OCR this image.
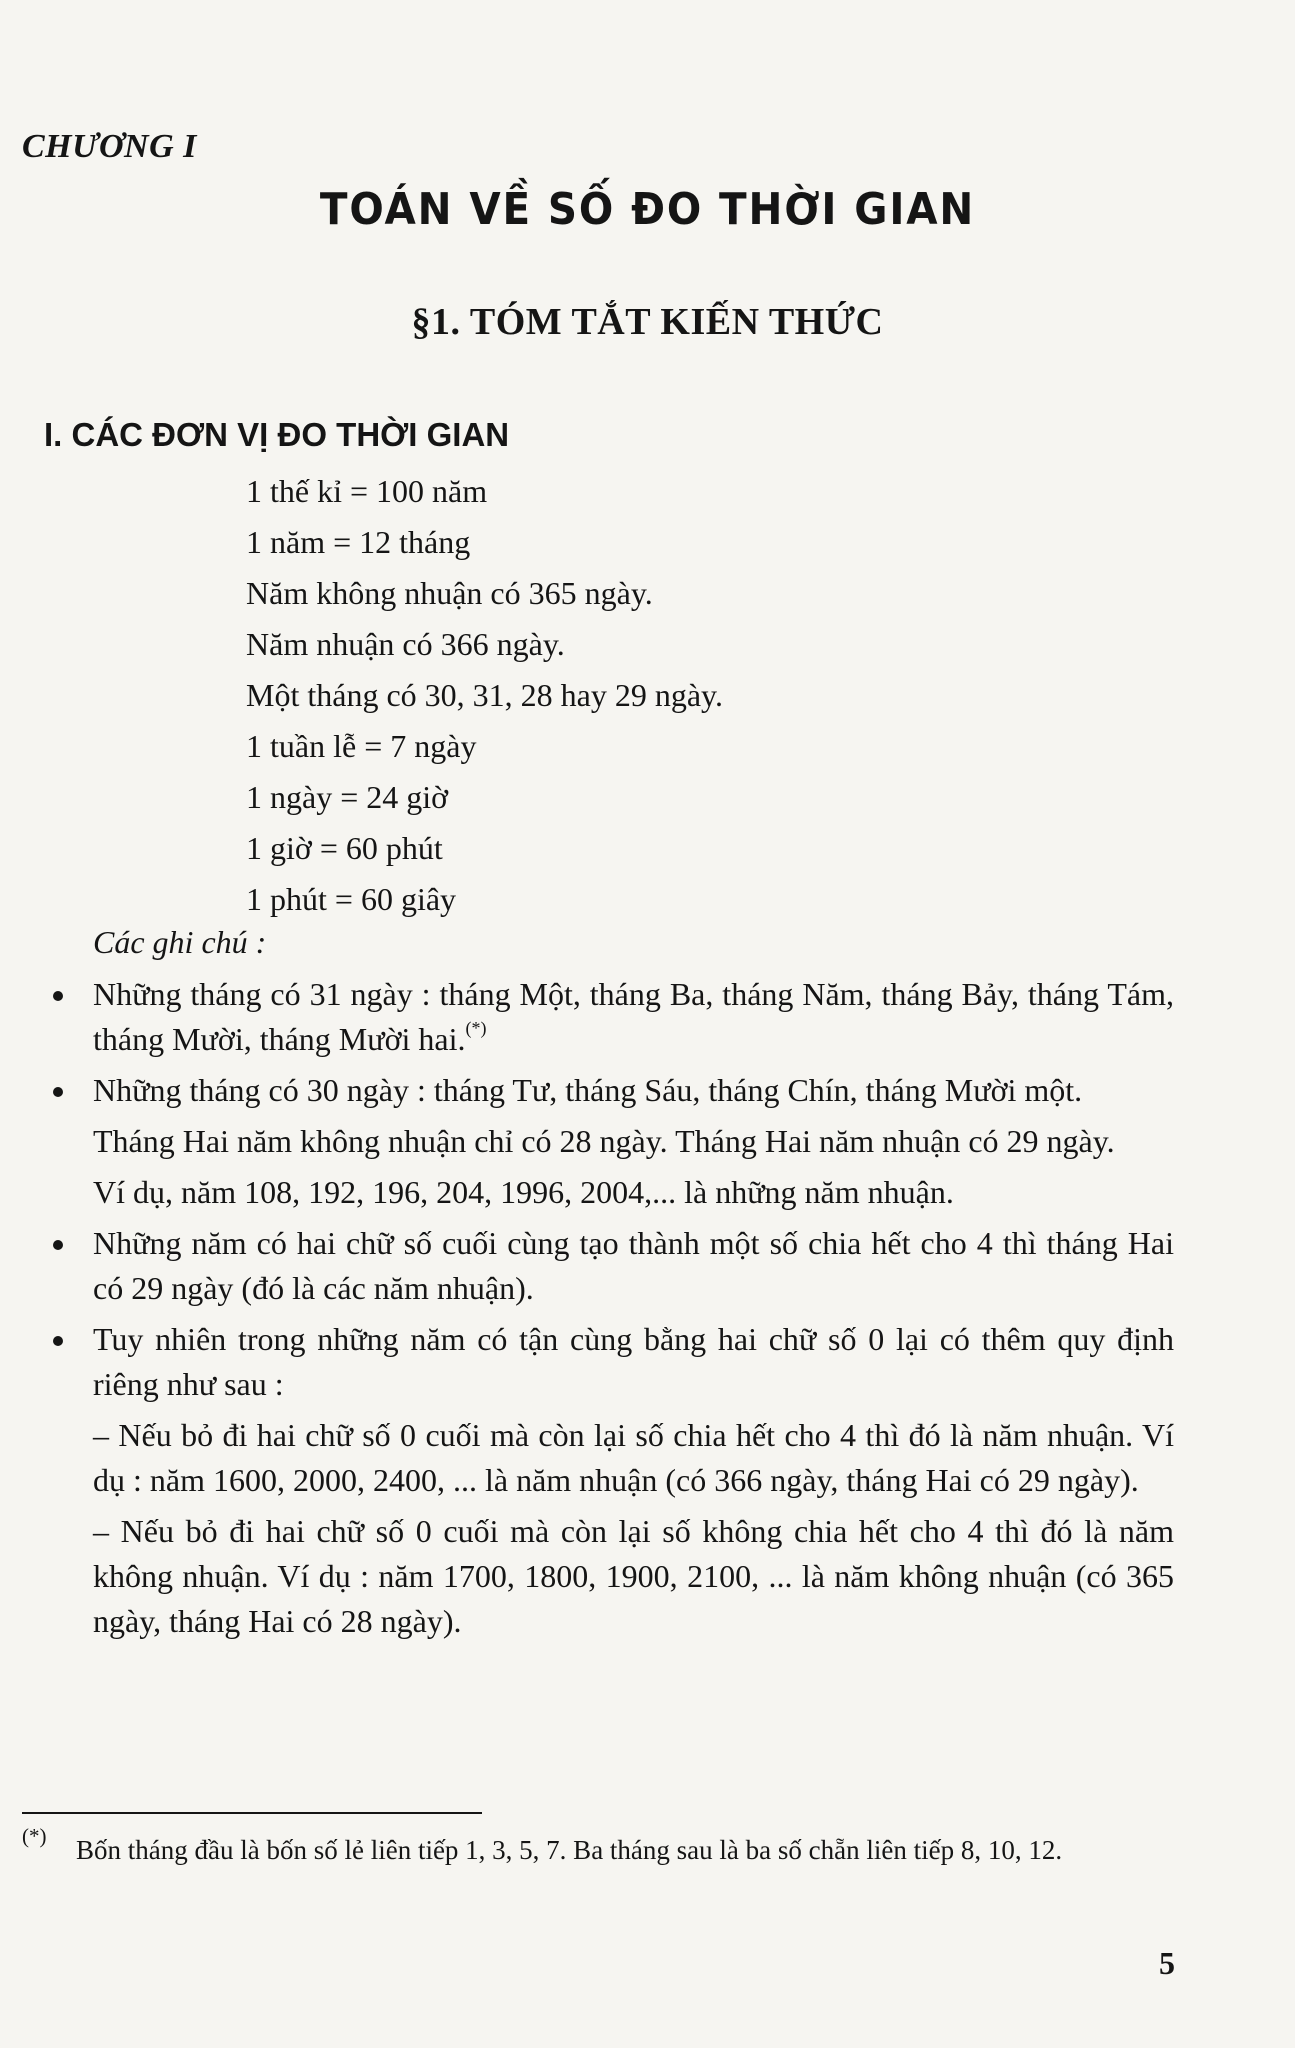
CHƯƠNG I
TOÁN VỀ SỐ ĐO THỜI GIAN
§1. TÓM TẮT KIẾN THỨC
I. CÁC ĐƠN VỊ ĐO THỜI GIAN
1 thế kỉ = 100 năm
1 năm = 12 tháng
Năm không nhuận có 365 ngày.
Năm nhuận có 366 ngày.
Một tháng có 30, 31, 28 hay 29 ngày.
1 tuần lễ = 7 ngày
1 ngày = 24 giờ
1 giờ = 60 phút
1 phút = 60 giây
Các ghi chú :
Những tháng có 31 ngày : tháng Một, tháng Ba, tháng Năm, tháng Bảy, tháng Tám, tháng Mười, tháng Mười hai.(*)
Những tháng có 30 ngày : tháng Tư, tháng Sáu, tháng Chín, tháng Mười một.
Tháng Hai năm không nhuận chỉ có 28 ngày. Tháng Hai năm nhuận có 29 ngày.
Ví dụ, năm 108, 192, 196, 204, 1996, 2004,... là những năm nhuận.
Những năm có hai chữ số cuối cùng tạo thành một số chia hết cho 4 thì tháng Hai có 29 ngày (đó là các năm nhuận).
Tuy nhiên trong những năm có tận cùng bằng hai chữ số 0 lại có thêm quy định riêng như sau :
– Nếu bỏ đi hai chữ số 0 cuối mà còn lại số chia hết cho 4 thì đó là năm nhuận. Ví dụ : năm 1600, 2000, 2400, ... là năm nhuận (có 366 ngày, tháng Hai có 29 ngày).
– Nếu bỏ đi hai chữ số 0 cuối mà còn lại số không chia hết cho 4 thì đó là năm không nhuận. Ví dụ : năm 1700, 1800, 1900, 2100, ... là năm không nhuận (có 365 ngày, tháng Hai có 28 ngày).
(*)	Bốn tháng đầu là bốn số lẻ liên tiếp 1, 3, 5, 7. Ba tháng sau là ba số chẵn liên tiếp 8, 10, 12.
5
